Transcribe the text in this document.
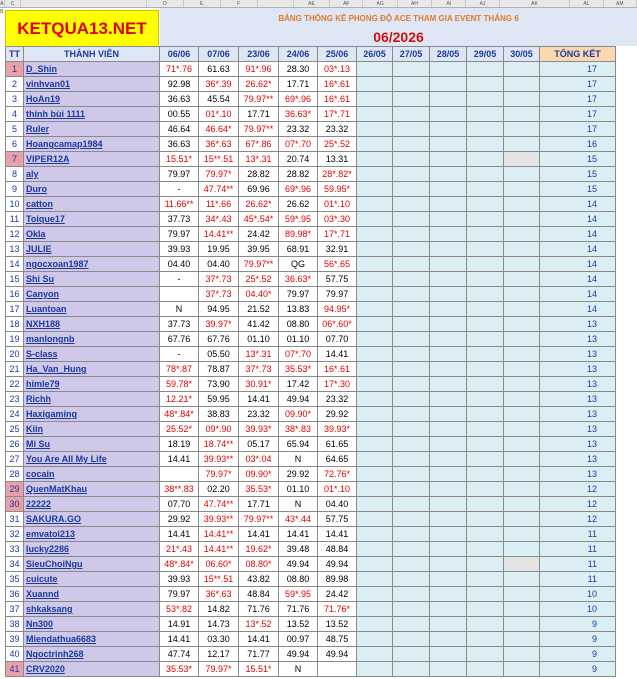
A B
C	D	E	F	AE	AF	AG	AH	AI	AJ	AK	AL	AM
KETQUA13.NET
BẢNG THỐNG KÊ PHONG ĐỘ ACE THAM GIA EVENT THÁNG 6
06/2026
TT	THÀNH VIÊN	06/06	07/06	23/06	24/06	25/06	26/05	27/05	28/05	29/05	30/05	TỔNG KẾT
1	D_Shin	71*.76	61.63	91*.96	28.30	03*.13						17
2	vinhvan01	92.98	36*.39	26.62*	17.71	16*.61						17
3	HoAn19	36.63	45.54	79.97**	69*.96	16*.61						17
4	thinh bùi 1111	00.55	01*.10	17.71	36.63*	17*.71						17
5	Ruler	46.64	46.64*	79.97**	23.32	23.32						17
6	Hoangcamap1984	36.63	36*.63	67*.86	07*.70	25*.52						16
7	VIPER12A	15.51*	15**.51	13*.31	20.74	13.31						15
8	aly	79.97	79.97*	28.82	28.82	28*.82*						15
9	Duro	-	47.74**	69.96	69*.96	59.95*						15
10	catton	11.66**	11*.66	26.62*	26.62	01*.10						14
11	Toique17	37.73	34*.43	45*.54*	59*.95	03*.30						14
12	Okla	79.97	14.41**	24.42	89.98*	17*.71						14
13	JULIE	39.93	19.95	39.95	68.91	32.91						14
14	ngocxoan1987	04.40	04.40	79.97**	QG	56*.65						14
15	Shi Su	-	37*.73	25*.52	36.63*	57.75						14
16	Canyon		37*.73	04.40*	79.97	79.97						14
17	Luantoan	N	94.95	21.52	13.83	94.95*						14
18	NXH188	37.73	39.97*	41.42	08.80	06*.60*						13
19	manlongnb	67.76	67.76	01.10	01.10	07.70						13
20	S-class	-	05.50	13*.31	07*.70	14.41						13
21	Ha_Van_Hung	78*.87	78.87	37*.73	35.53*	16*.61						13
22	himle79	59.78*	73.90	30.91*	17.42	17*.30						13
23	Richh	12.21*	59.95	14.41	49.94	23.32						13
24	Haxigaming	48*.84*	38.83	23.32	09.90*	29.92						13
25	Kiin	25.52*	09*.90	39.93*	38*.83	39.93*						13
26	Mi Su	18.19	18.74**	05.17	65.94	61.65						13
27	You Are All My Life	14.41	39.93**	03*.04	N	64.65						13
28	cocain		79.97*	09.90*	29.92	72.76*						13
29	QuenMatKhau	38**.83	02.20	35.53*	01.10	01*.10						12
30	22222	07.70	47.74**	17.71	N	04.40						12
31	SAKURA.GO	29.92	39.93**	79.97**	43*.44	57.75						12
32	emvatoi213	14.41	14.41**	14.41	14.41	14.41						11
33	lucky2286	21*.43	14.41**	19.62*	39.48	48.84						11
34	SieuChoiNgu	48*.84*	06.60*	08.80*	49.94	49.94						11
35	cuicute	39.93	15**.51	43.82	08.80	89.98						11
36	Xuannd	79.97	36*.63	48.84	59*.95	24.42						10
37	shkaksang	53*.82	14.82	71.76	71.76	71.76*						10
38	Nn300	14.91	14.73	13*.52	13.52	13.52						9
39	Miendathua6683	14.41	03.30	14.41	00.97	48.75						9
40	Ngoctrinh268	47.74	12.17	71.77	49.94	49.94						9
41	CRV2020	35.53*	79.97*	15.51*	N							9
